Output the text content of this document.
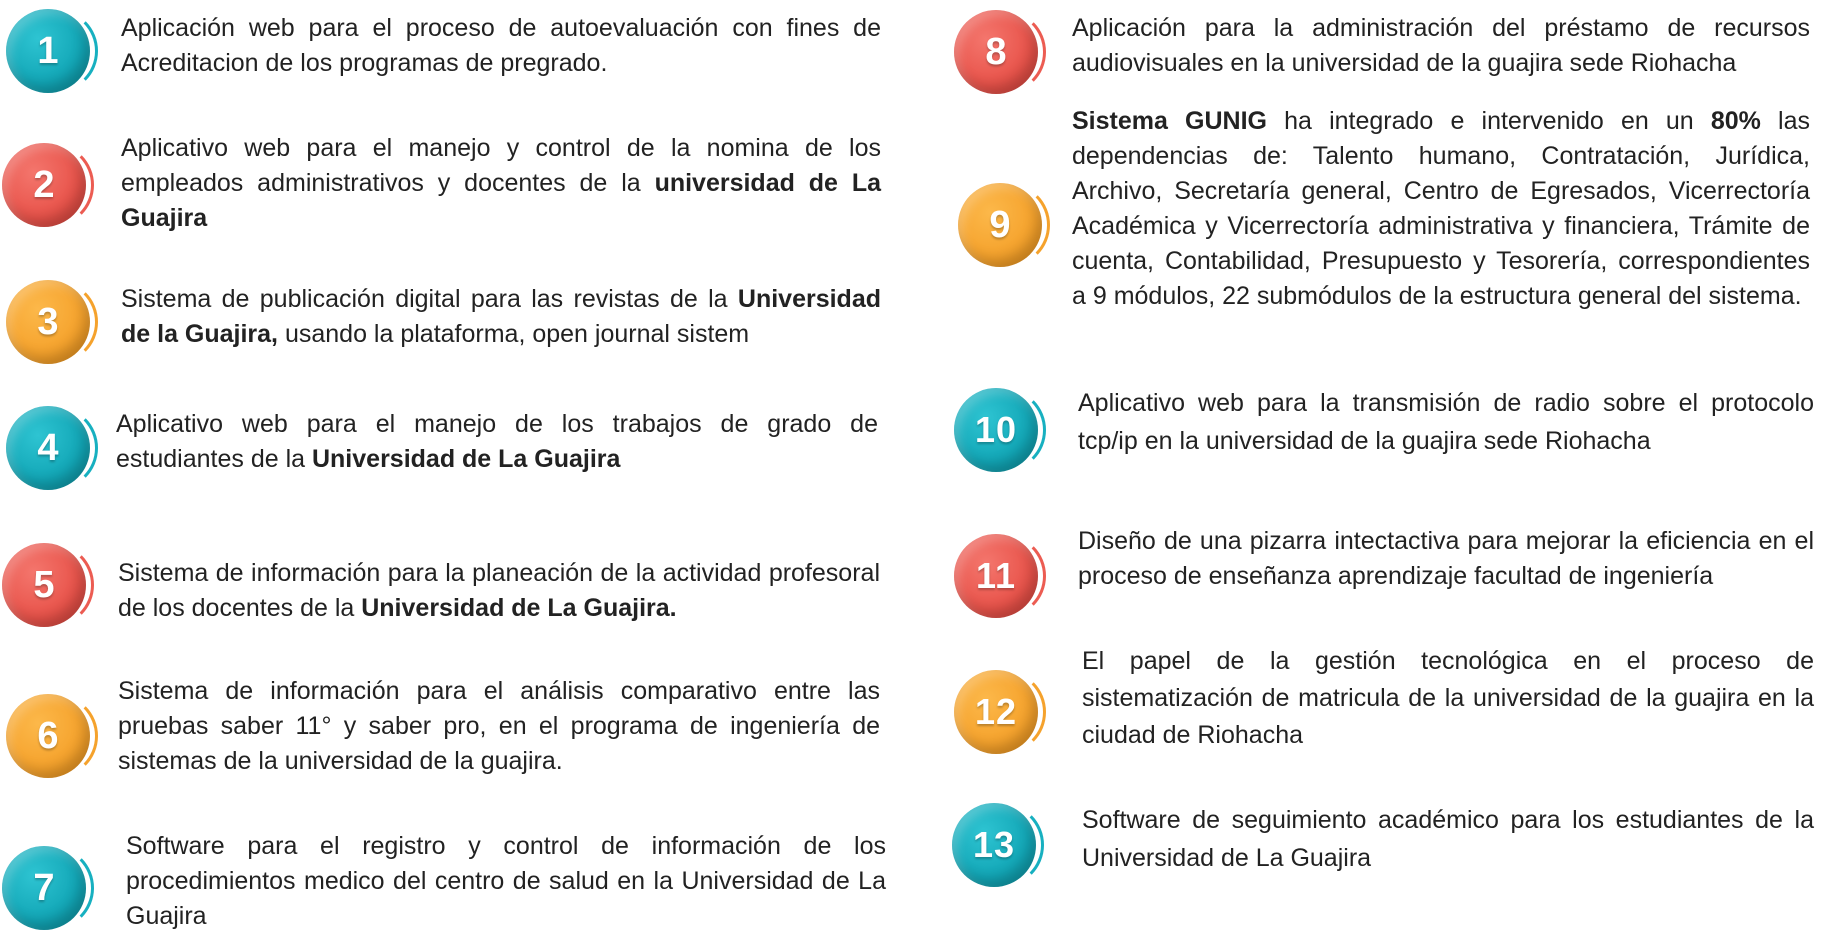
1
Aplicación web para el proceso de autoevaluación con fines de Acreditacion de los programas de pregrado.
2
Aplicativo web para el manejo y control de la nomina de los empleados administrativos y docentes de la universidad de La Guajira
3
Sistema de publicación digital para las revistas de la Universidad de la Guajira, usando la plataforma, open journal sistem
4
Aplicativo web para el manejo de los trabajos de grado de estudiantes de la Universidad de La Guajira
5	Sistema de información para la planeación de la actividad profesoral de los docentes de la Universidad de La Guajira.
6
Sistema de información para el análisis comparativo entre las pruebas saber 11° y saber pro, en el programa de ingeniería de sistemas de la universidad de la guajira.
7
Software para el registro y control de información de los procedimientos medico del centro de salud en la Universidad de La Guajira
8
Aplicación para la administración del préstamo de recursos audiovisuales en la universidad de la guajira sede Riohacha
9
Sistema GUNIG ha integrado e intervenido en un 80% las dependencias de: Talento humano, Contratación, Jurídica, Archivo, Secretaría general, Centro de Egresados, Vicerrectoría Académica y Vicerrectoría administrativa y financiera, Trámite de cuenta, Contabilidad, Presupuesto y Tesorería, correspondientes a 9 módulos, 22 submódulos de la estructura general del sistema.
10
Aplicativo web para la transmisión de radio sobre el protocolo tcp/ip en la universidad de la guajira sede Riohacha
11
Diseño de una pizarra intectactiva para mejorar la eficiencia en el proceso de enseñanza aprendizaje facultad de ingeniería
12
El papel de la gestión tecnológica en el proceso de sistematización de matricula de la universidad de la guajira en la ciudad de Riohacha
13
Software de seguimiento académico para los estudiantes de la Universidad de La Guajira
